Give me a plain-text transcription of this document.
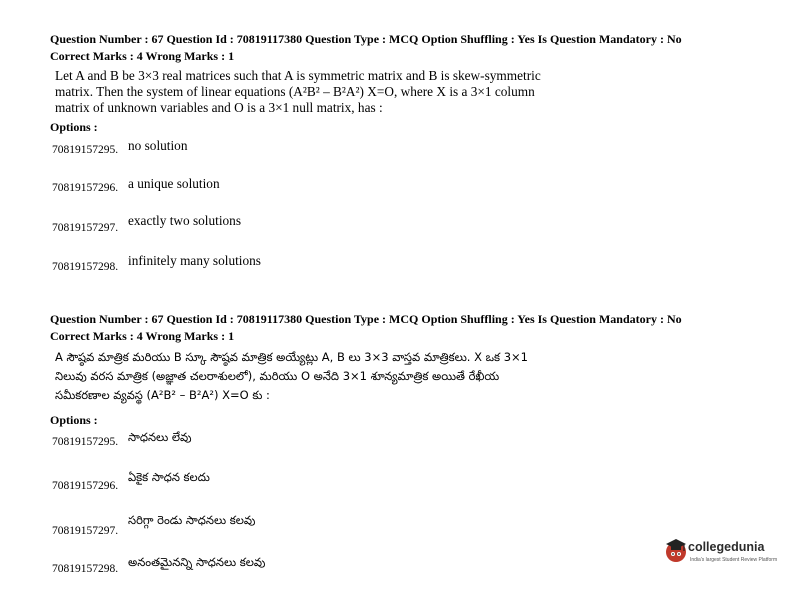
Question Number : 67 Question Id : 70819117380 Question Type : MCQ Option Shuffling : Yes Is Question Mandatory : No
Correct Marks : 4 Wrong Marks : 1
Let A and B be 3×3 real matrices such that A is symmetric matrix and B is skew-symmetric
matrix. Then the system of linear equations (A²B² – B²A²) X=O, where X is a 3×1 column
matrix of unknown variables and O is a 3×1 null matrix, has :
Options :
70819157295. no solution
70819157296. a unique solution
70819157297. exactly two solutions
70819157298. infinitely many solutions
Question Number : 67 Question Id : 70819117380 Question Type : MCQ Option Shuffling : Yes Is Question Mandatory : No
Correct Marks : 4 Wrong Marks : 1
A సౌష్ఠవ మాత్రిక మరియు B స్కూ సౌష్ఠవ మాత్రిక అయ్యేట్లు A, B లు 3×3 వాస్తవ మాత్రికలు. X ఒక 3×1
నిలువు వరస మాత్రిక (అజ్ఞాత చలరాశులలో), మరియు O అనేది 3×1 శూన్యమాత్రిక అయితే రేఖీయ
సమీకరణాల వ్యవస్థ (A²B² – B²A²) X=O కు :
Options :
70819157295. సాధనలు లేవు
70819157296.
ఏకైక సాధన కలదు
70819157297.
సరిగ్గా రెండు సాధనలు కలవు
70819157298. అనంతమైనన్ని సాధనలు కలవు
collegedunia
India's largest Student Review Platform
